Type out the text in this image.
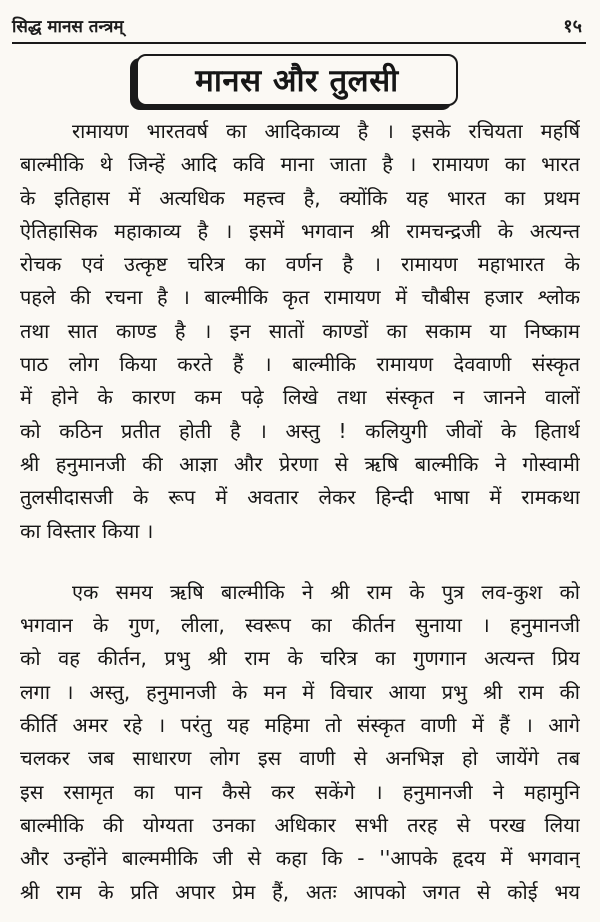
सिद्ध मानस तन्त्रम्	१५
मानस और तुलसी
रामायण भारतवर्ष का आदिकाव्य है । इसके रचियता महर्षि
बाल्मीकि थे जिन्हें आदि कवि माना जाता है । रामायण का भारत
के इतिहास में अत्यधिक महत्त्व है, क्योंकि यह भारत का प्रथम
ऐतिहासिक महाकाव्य है । इसमें भगवान श्री रामचन्द्रजी के अत्यन्त
रोचक एवं उत्कृष्ट चरित्र का वर्णन है । रामायण महाभारत के
पहले की रचना है । बाल्मीकि कृत रामायण में चौबीस हजार श्लोक
तथा सात काण्ड है । इन सातों काण्डों का सकाम या निष्काम
पाठ लोग किया करते हैं । बाल्मीकि रामायण देववाणी संस्कृत
में होने के कारण कम पढ़े लिखे तथा संस्कृत न जानने वालों
को कठिन प्रतीत होती है । अस्तु ! कलियुगी जीवों के हितार्थ
श्री हनुमानजी की आज्ञा और प्रेरणा से ऋषि बाल्मीकि ने गोस्वामी
तुलसीदासजी के रूप में अवतार लेकर हिन्दी भाषा में रामकथा
का विस्तार किया ।
एक समय ऋषि बाल्मीकि ने श्री राम के पुत्र लव-कुश को
भगवान के गुण, लीला, स्वरूप का कीर्तन सुनाया । हनुमानजी
को वह कीर्तन, प्रभु श्री राम के चरित्र का गुणगान अत्यन्त प्रिय
लगा । अस्तु, हनुमानजी के मन में विचार आया प्रभु श्री राम की
कीर्ति अमर रहे । परंतु यह महिमा तो संस्कृत वाणी में हैं । आगे
चलकर जब साधारण लोग इस वाणी से अनभिज्ञ हो जायेंगे तब
इस रसामृत का पान कैसे कर सकेंगे । हनुमानजी ने महामुनि
बाल्मीकि की योग्यता उनका अधिकार सभी तरह से परख लिया
और उन्होंने बाल्ममीकि जी से कहा कि - ''आपके हृदय में भगवान्
श्री राम के प्रति अपार प्रेम हैं, अतः आपको जगत से कोई भय
